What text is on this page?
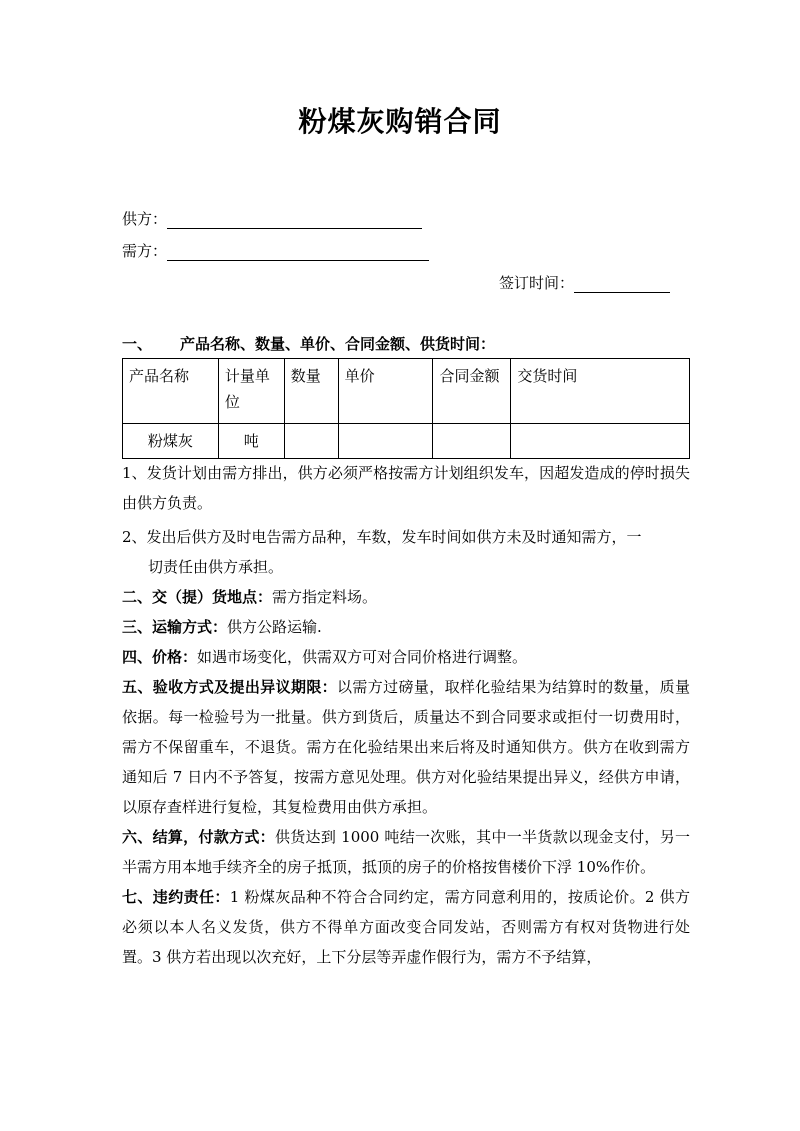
粉煤灰购销合同
供方：
需方：
签订时间：
一、 产品名称、数量、单价、合同金额、供货时间：
产品名称	计量单位	数量	单价	合同金额	交货时间
粉煤灰	吨				

1、发货计划由需方排出，供方必须严格按需方计划组织发车，因超发造成的停时损失由供方负责。

2、发出后供方及时电告需方品种，车数，发车时间如供方未及时通知需方，一

切责任由供方承担。

二、交（提）货地点：需方指定料场。

三、运输方式：供方公路运输.

四、价格：如遇市场变化，供需双方可对合同价格进行调整。

五、验收方式及提出异议期限：以需方过磅量，取样化验结果为结算时的数量，质量依据。每一检验号为一批量。供方到货后，质量达不到合同要求或拒付一切费用时，需方不保留重车，不退货。需方在化验结果出来后将及时通知供方。供方在收到需方通知后 7 日内不予答复，按需方意见处理。供方对化验结果提出异义，经供方申请，以原存查样进行复检，其复检费用由供方承担。

六、结算，付款方式：供货达到 1000 吨结一次账，其中一半货款以现金支付，另一半需方用本地手续齐全的房子抵顶，抵顶的房子的价格按售楼价下浮 10%作价。

七、违约责任：1 粉煤灰品种不符合合同约定，需方同意利用的，按质论价。2 供方必须以本人名义发货，供方不得单方面改变合同发站，否则需方有权对货物进行处置。3 供方若出现以次充好，上下分层等弄虚作假行为，需方不予结算，
